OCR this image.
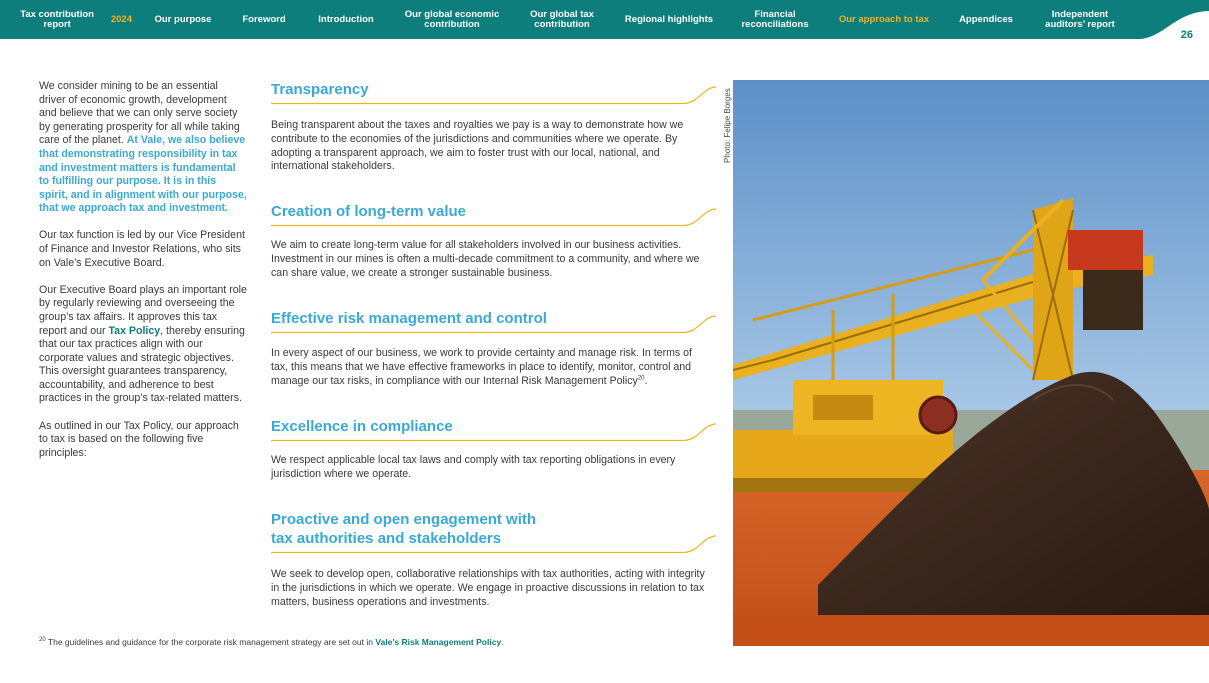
Tax contribution report
	2024 Our purpose	Foreword	Introduction	Our global economic
contribution
Our global tax
contribution	Regional highlights	Financial
reconciliations	Our approach to tax	Appendices	Independent
auditors’ report
26

We consider mining to be an essential driver of economic growth, development and believe that we can only serve society by generating prosperity for all while taking care of the planet. At Vale, we also believe that demonstrating responsibility in tax and investment matters is fundamental to fulfilling our purpose. It is in this spirit, and in alignment with our purpose, that we approach tax and investment.

Our tax function is led by our Vice President of Finance and Investor Relations, who sits on Vale’s Executive Board.

Our Executive Board plays an important role by regularly reviewing and overseeing the group’s tax affairs. It approves this tax report and our Tax Policy, thereby ensuring that our tax practices align with our corporate values and strategic objectives. This oversight guarantees transparency, accountability, and adherence to best practices in the group’s tax-related matters.

As outlined in our Tax Policy, our approach to tax is based on the following five principles:

Transparency

Being transparent about the taxes and royalties we pay is a way to demonstrate how we contribute to the economies of the jurisdictions and communities where we operate. By adopting a transparent approach, we aim to foster trust with our local, national, and international stakeholders.

Creation of long-term value

We aim to create long-term value for all stakeholders involved in our business activities. Investment in our mines is often a multi-decade commitment to a community, and where we can share value, we create a stronger sustainable business.

Effective risk management and control

In every aspect of our business, we work to provide certainty and manage risk. In terms of tax, this means that we have effective frameworks in place to identify, monitor, control and manage our tax risks, in compliance with our Internal Risk Management Policy$^{20}$.

Excellence in compliance

We respect applicable local tax laws and comply with tax reporting obligations in every jurisdiction where we operate.

Proactive and open engagement with
tax authorities and stakeholders

We seek to develop open, collaborative relationships with tax authorities, acting with integrity in the jurisdictions in which we operate. We engage in proactive discussions in relation to tax matters, business operations and investments.

Photo: Felipe Borges
$^{20}$ The guidelines and guidance for the corporate risk management strategy are set out in Vale’s Risk Management Policy.
